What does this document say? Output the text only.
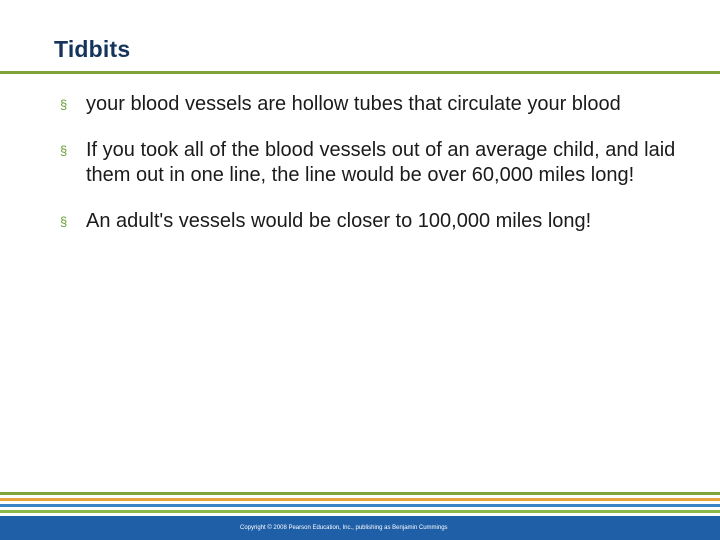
Tidbits
§ your blood vessels are hollow tubes that circulate your blood
§ If you took all of the blood vessels out of an average child, and laid them out in one line, the line would be over 60,000 miles long!
§ An adult's vessels would be closer to 100,000 miles long!
Copyright © 2008 Pearson Education, Inc., publishing as Benjamin Cummings
